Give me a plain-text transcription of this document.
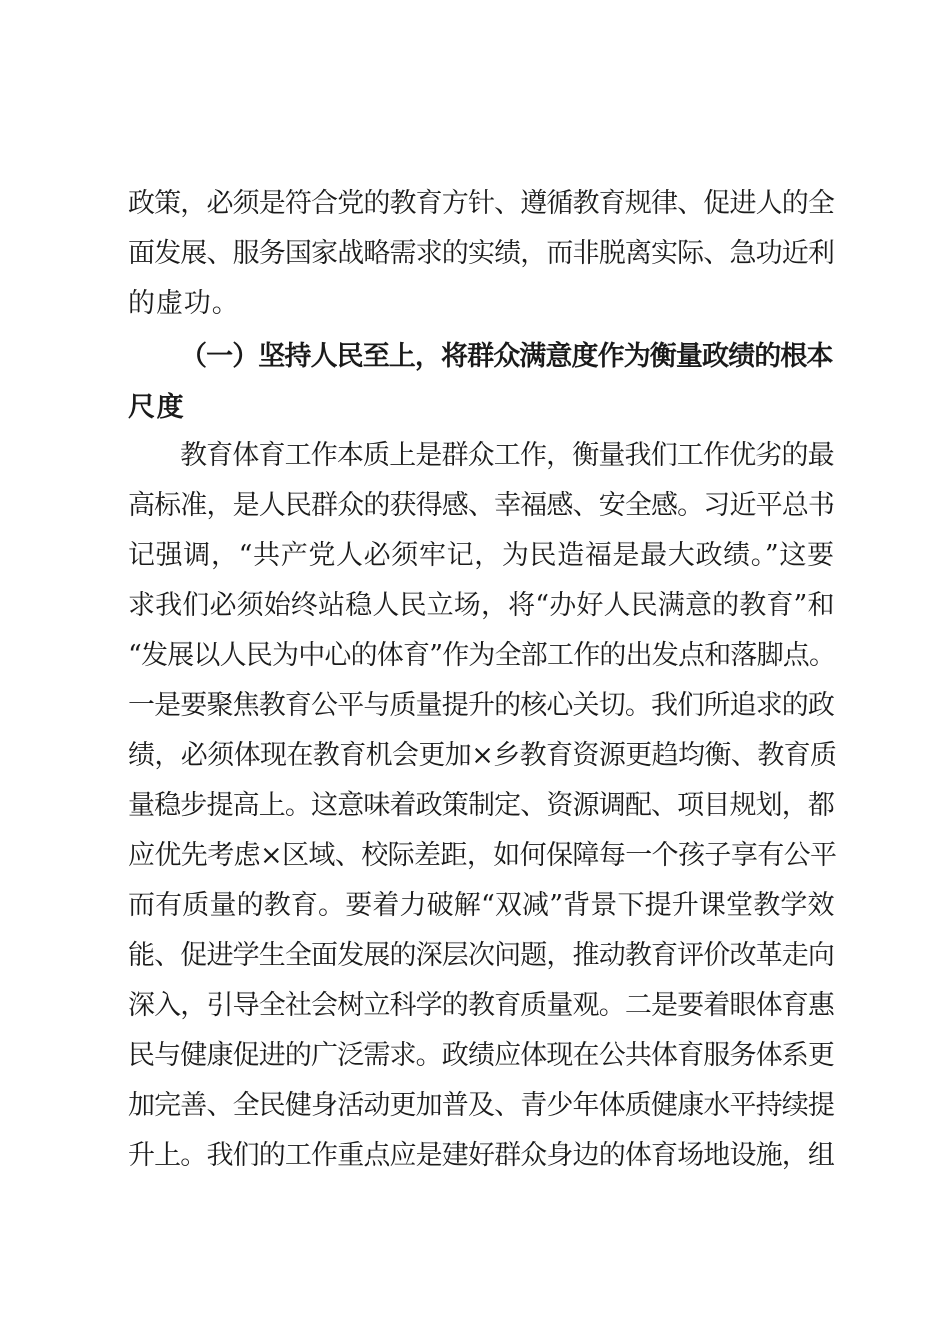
政策，必须是符合党的教育方针、遵循教育规律、促进人的全
面发展、服务国家战略需求的实绩，而非脱离实际、急功近利
的虚功。
（一）坚持人民至上，将群众满意度作为衡量政绩的根本
尺度
教育体育工作本质上是群众工作，衡量我们工作优劣的最
高标准，是人民群众的获得感、幸福感、安全感。习近平总书
记强调，“共产党人必须牢记，为民造福是最大政绩。”这要
求我们必须始终站稳人民立场，将“办好人民满意的教育”和
“发展以人民为中心的体育”作为全部工作的出发点和落脚点。
一是要聚焦教育公平与质量提升的核心关切。我们所追求的政
绩，必须体现在教育机会更加×乡教育资源更趋均衡、教育质
量稳步提高上。这意味着政策制定、资源调配、项目规划，都
应优先考虑×区域、校际差距，如何保障每一个孩子享有公平
而有质量的教育。要着力破解“双减”背景下提升课堂教学效
能、促进学生全面发展的深层次问题，推动教育评价改革走向
深入，引导全社会树立科学的教育质量观。二是要着眼体育惠
民与健康促进的广泛需求。政绩应体现在公共体育服务体系更
加完善、全民健身活动更加普及、青少年体质健康水平持续提
升上。我们的工作重点应是建好群众身边的体育场地设施，组
